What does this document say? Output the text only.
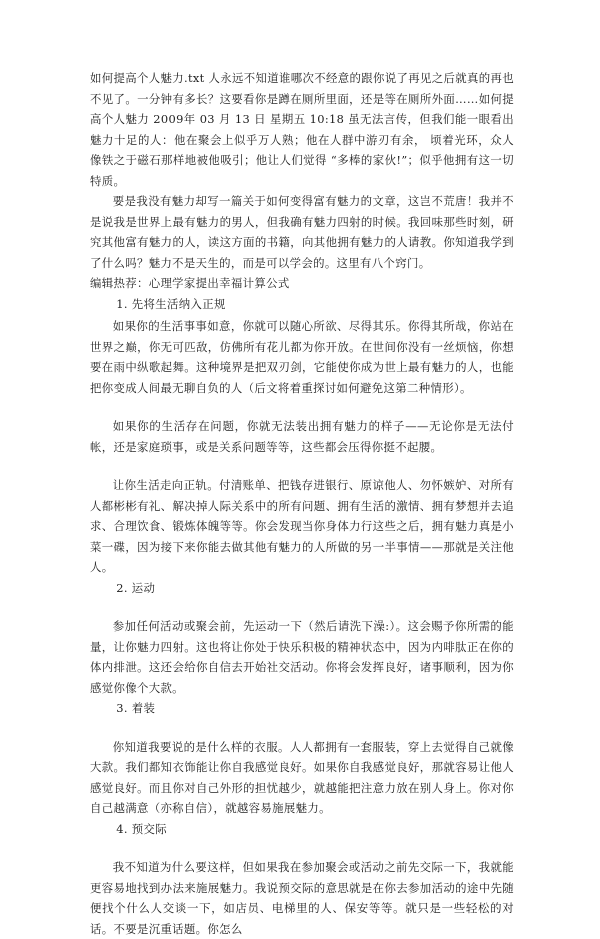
如何提高个人魅力.txt 人永远不知道谁哪次不经意的跟你说了再见之后就真的再也不见了。一分钟有多长？这要看你是蹲在厕所里面，还是等在厕所外面……如何提高个人魅力 2009年 03 月 13 日 星期五 10:18 虽无法言传，但我们能一眼看出魅力十足的人：他在聚会上似乎万人熟；他在人群中游刃有余， 顷着光环，众人像铁之于磁石那样地被他吸引；他让人们觉得 “多棒的家伙!”；似乎他拥有这一切特质。

要是我没有魅力却写一篇关于如何变得富有魅力的文章，这岂不荒唐！我并不是说我是世界上最有魅力的男人，但我确有魅力四射的时候。我回味那些时刻，研究其他富有魅力的人，读这方面的书籍，向其他拥有魅力的人请教。你知道我学到了什么吗？魅力不是天生的，而是可以学会的。这里有八个窍门。

编辑热荐：心理学家提出幸福计算公式

1. 先将生活纳入正规

如果你的生活事事如意，你就可以随心所欲、尽得其乐。你得其所哉，你站在世界之巅，你无可匹敌，仿佛所有花儿都为你开放。在世间你没有一丝烦恼，你想要在雨中纵歌起舞。这种境界是把双刃剑，它能使你成为世上最有魅力的人，也能把你变成人间最无聊自负的人（后文将着重探讨如何避免这第二种情形）。

如果你的生活存在问题，你就无法装出拥有魅力的样子——无论你是无法付帐，还是家庭琐事，或是关系问题等等，这些都会压得你挺不起腰。

让你生活走向正轨。付清账单、把钱存进银行、原谅他人、勿怀嫉妒、对所有人都彬彬有礼、解决掉人际关系中的所有问题、拥有生活的激情、拥有梦想并去追求、合理饮食、锻炼体魄等等。你会发现当你身体力行这些之后，拥有魅力真是小菜一碟，因为接下来你能去做其他有魅力的人所做的另一半事情——那就是关注他人。

2. 运动

参加任何活动或聚会前，先运动一下（然后请洗下澡:）。这会赐予你所需的能量，让你魅力四射。这也将让你处于快乐积极的精神状态中，因为内啡肽正在你的体内排泄。这还会给你自信去开始社交活动。你将会发挥良好，诸事顺利，因为你感觉你像个大款。

3. 着装

你知道我要说的是什么样的衣服。人人都拥有一套服装，穿上去觉得自己就像大款。我们都知衣饰能让你自我感觉良好。如果你自我感觉良好，那就容易让他人感觉良好。而且你对自己外形的担忧越少，就越能把注意力放在别人身上。你对你自己越满意（亦称自信），就越容易施展魅力。

4. 预交际

我不知道为什么要这样，但如果我在参加聚会或活动之前先交际一下，我就能更容易地找到办法来施展魅力。我说预交际的意思就是在你去参加活动的途中先随便找个什么人交谈一下，如店员、电梯里的人、保安等等。就只是一些轻松的对话。不要是沉重话题。你怎么
